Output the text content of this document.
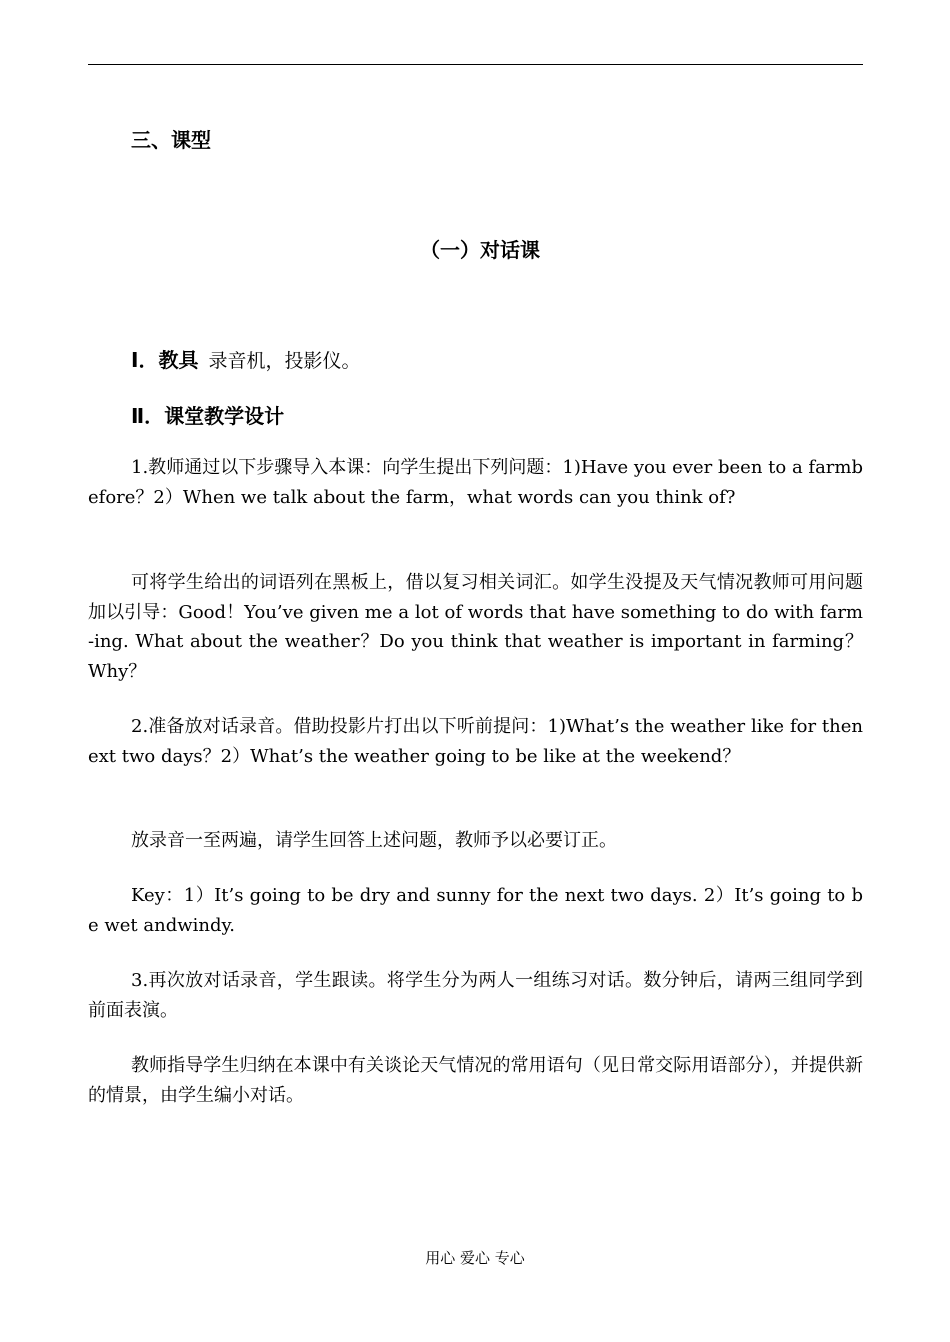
三、课型
（一）对话课
Ⅰ．教具 录音机，投影仪。
Ⅱ．课堂教学设计

1.教师通过以下步骤导入本课：向学生提出下列问题：1)Have you ever been to a farmbefore？2）When we talk about the farm，what words can you think of?

可将学生给出的词语列在黑板上，借以复习相关词汇。如学生没提及天气情况教师可用问题加以引导：Good！You’ve given me a lot of words that have something to do with farm-ing. What about the weather？Do you think that weather is important in farming？Why？

2.准备放对话录音。借助投影片打出以下听前提问：1)What’s the weather like for thenext two days？2）What’s the weather going to be like at the weekend？

放录音一至两遍，请学生回答上述问题，教师予以必要订正。

Key：1）It’s going to be dry and sunny for the next two days. 2）It’s going to be wet andwindy.

3.再次放对话录音，学生跟读。将学生分为两人一组练习对话。数分钟后，请两三组同学到前面表演。

教师指导学生归纳在本课中有关谈论天气情况的常用语句（见日常交际用语部分），并提供新的情景，由学生编小对话。

用心 爱心 专心
